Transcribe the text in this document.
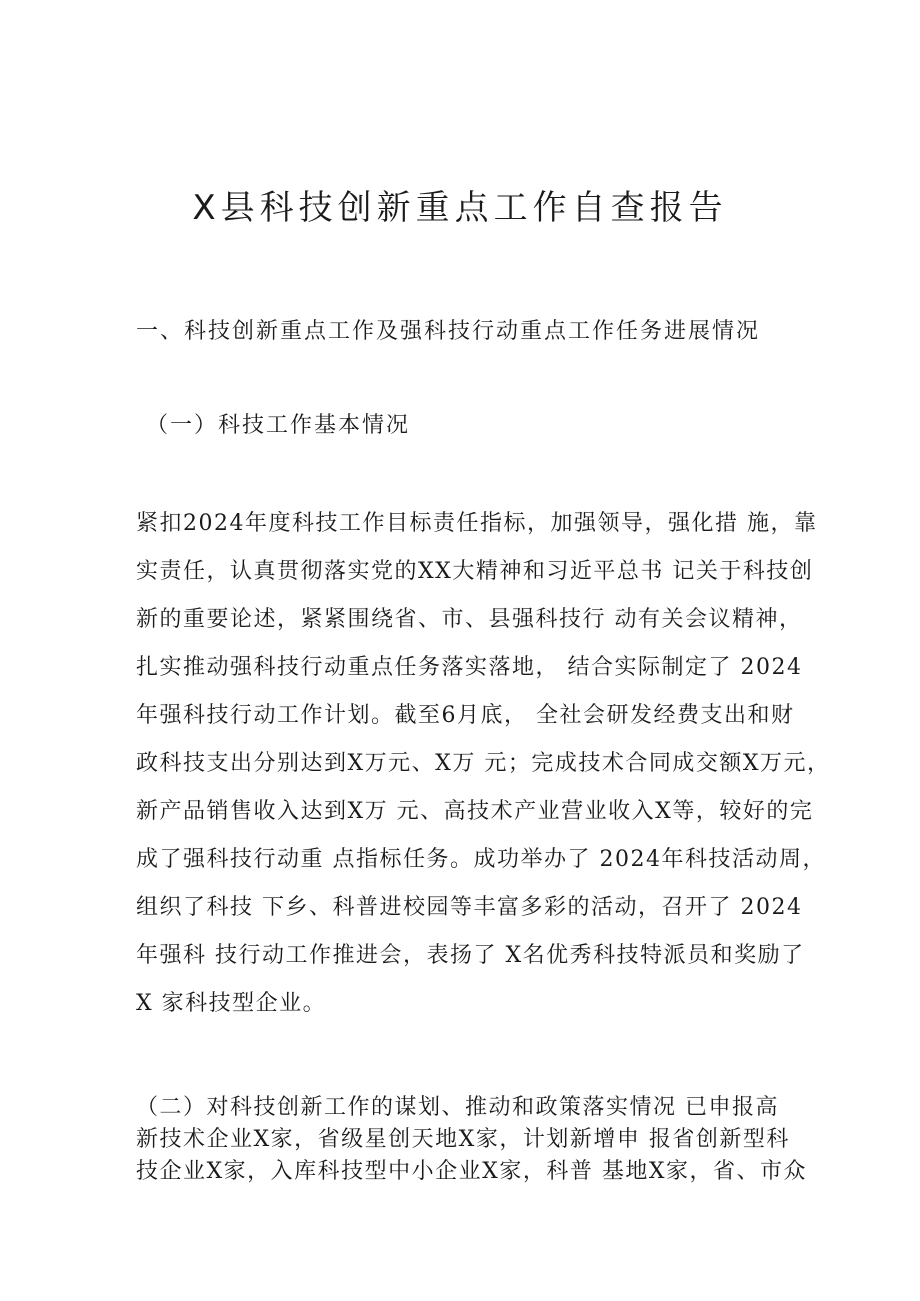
X县科技创新重点工作自查报告
一、科技创新重点工作及强科技行动重点工作任务进展情况
（一）科技工作基本情况
紧扣2024年度科技工作目标责任指标，加强领导，强化措 施，靠
实责任，认真贯彻落实党的XX大精神和习近平总书 记关于科技创
新的重要论述，紧紧围绕省、市、县强科技行 动有关会议精神，
扎实推动强科技行动重点任务落实落地， 结合实际制定了 2024
年强科技行动工作计划。截至6月底， 全社会研发经费支出和财
政科技支出分别达到X万元、X万 元；完成技术合同成交额X万元，
新产品销售收入达到X万 元、高技术产业营业收入X等，较好的完
成了强科技行动重 点指标任务。成功举办了 2024年科技活动周，
组织了科技 下乡、科普进校园等丰富多彩的活动，召开了 2024
年强科 技行动工作推进会，表扬了 X名优秀科技特派员和奖励了
X 家科技型企业。
（二）对科技创新工作的谋划、推动和政策落实情况 已申报高
新技术企业X家，省级星创天地X家，计划新增申 报省创新型科
技企业X家，入库科技型中小企业X家，科普 基地X家，省、市众
